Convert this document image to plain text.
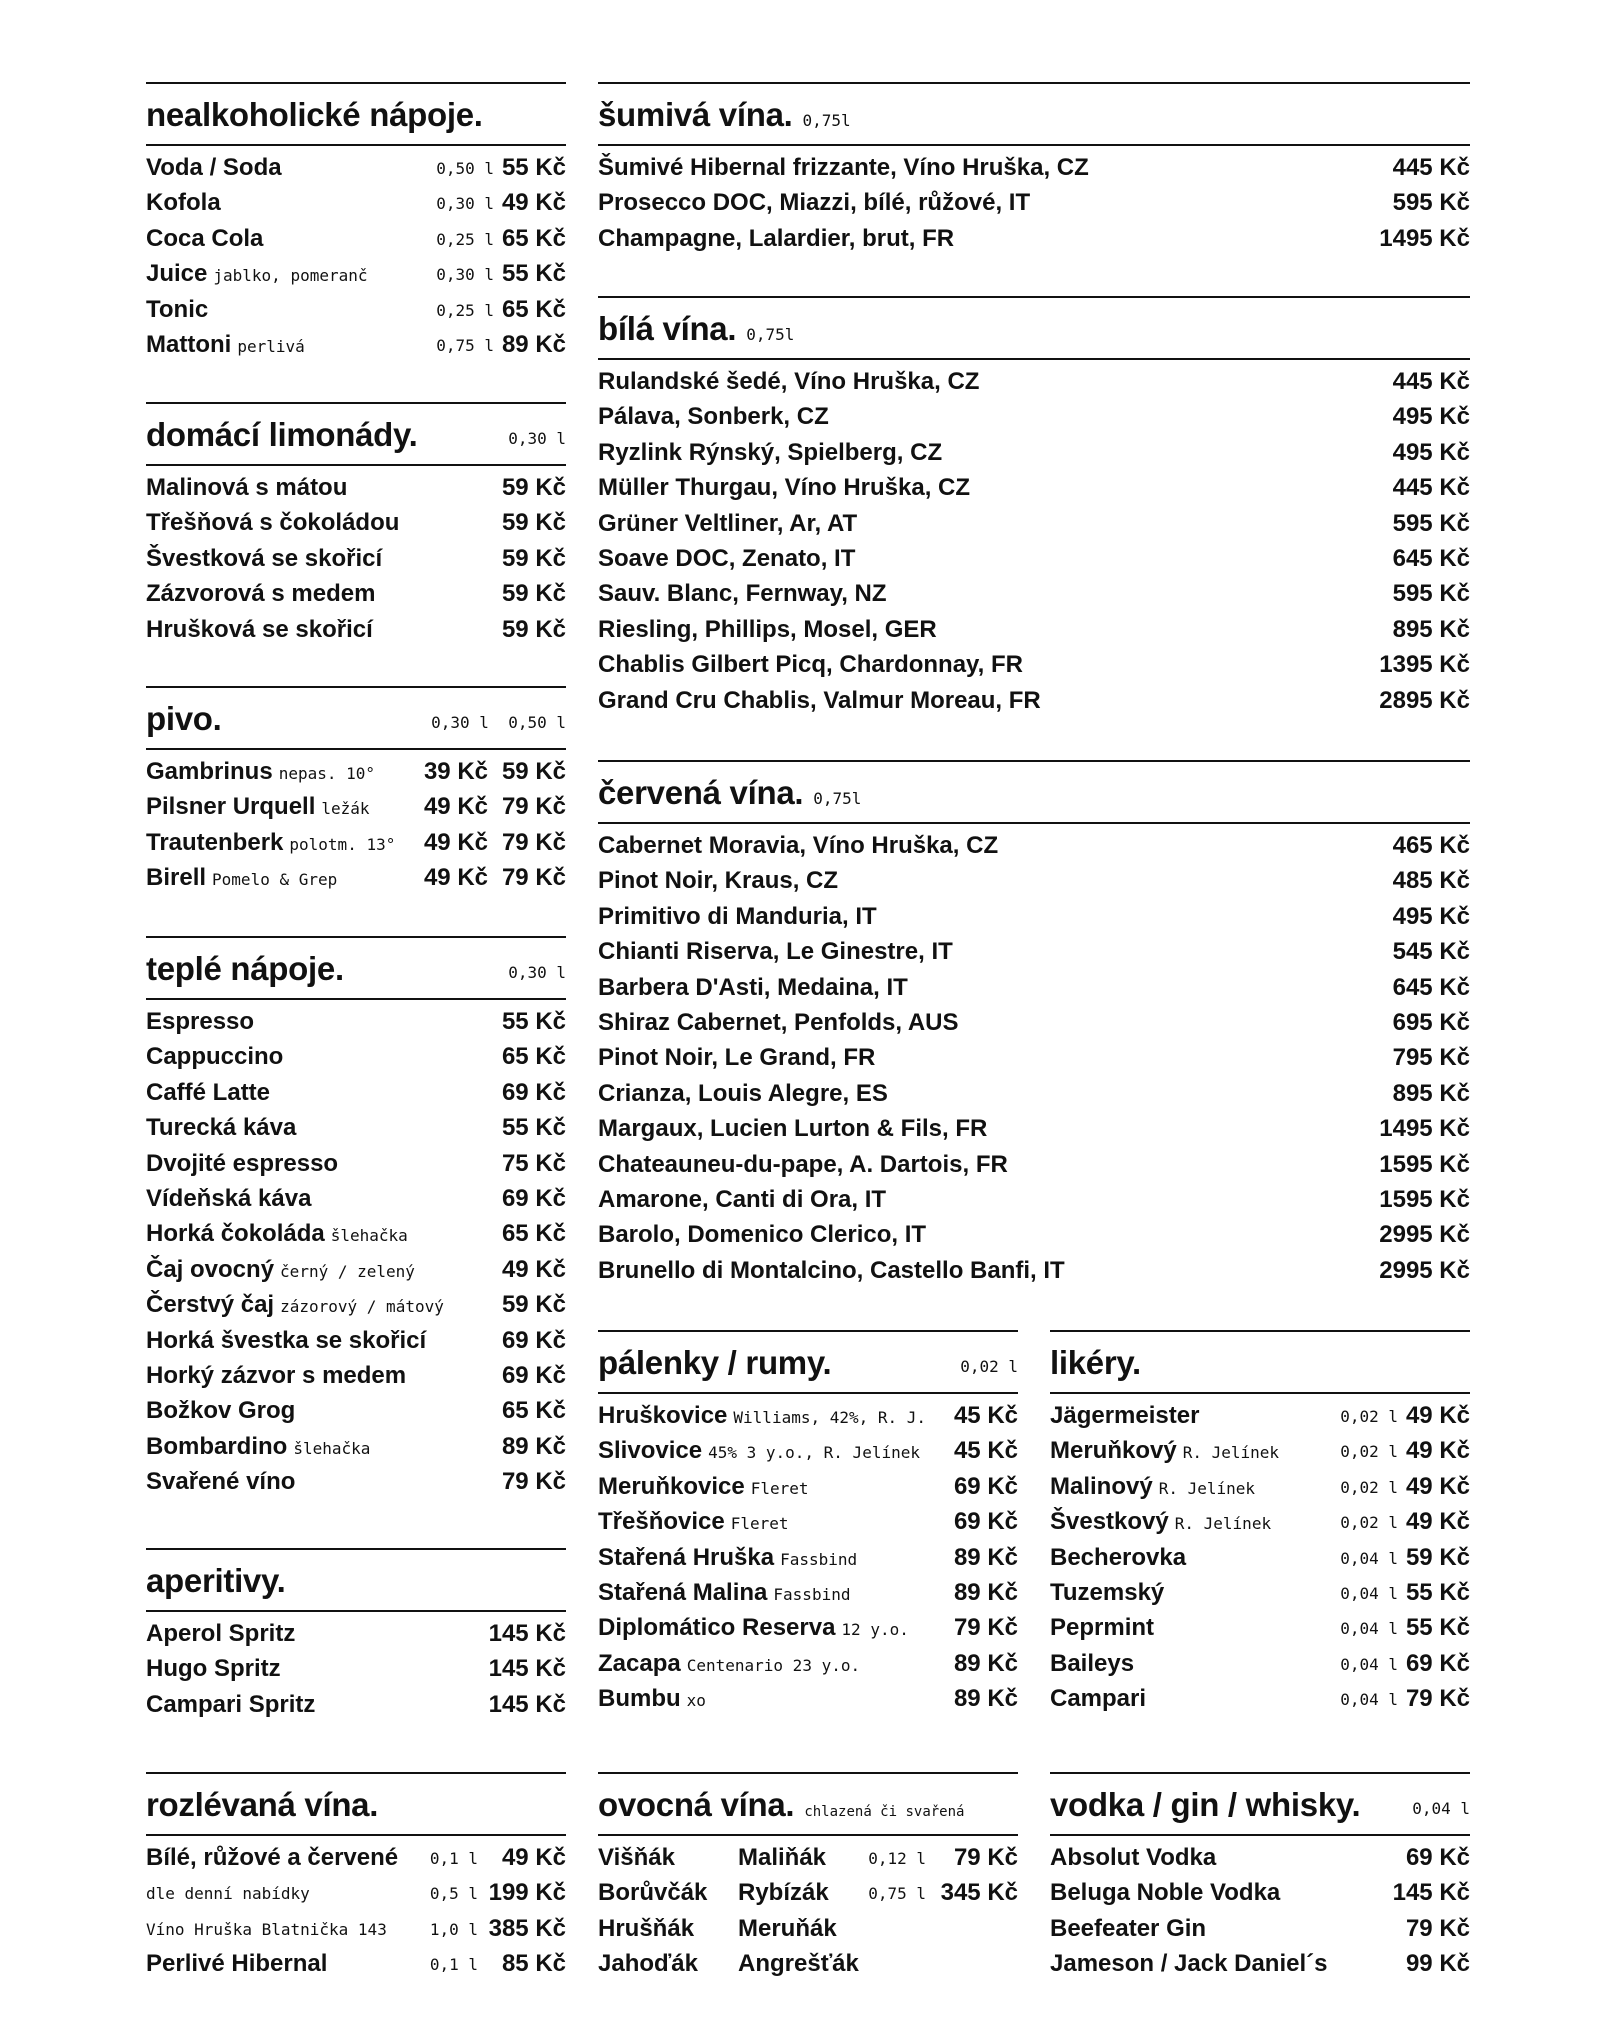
nealkoholické nápoje.
Voda / Soda	0,50 l 55 Kč
Kofola	0,30 l 49 Kč
Coca Cola	0,25 l 65 Kč
Juice jablko, pomeranč	0,30 l 55 Kč
Tonic	0,25 l 65 Kč
Mattoni perlivá	0,75 l 89 Kč
domácí limonády.	0,30 l
Malinová s mátou	59 Kč
Třešňová s čokoládou	59 Kč
Švestková se skořicí	59 Kč
Zázvorová s medem	59 Kč
Hrušková se skořicí	59 Kč
pivo.	0,30 l  0,50 l
Gambrinus nepas. 10° 39 Kč 59 Kč
Pilsner Urquell ležák 49 Kč 79 Kč
Trautenberk polotm. 13° 49 Kč 79 Kč
Birell Pomelo & Grep	49 Kč 79 Kč
teplé nápoje.	0,30 l
Espresso	55 Kč
Cappuccino	65 Kč
Caffé Latte	69 Kč
Turecká káva	55 Kč
Dvojité espresso	75 Kč
Vídeňská káva	69 Kč
Horká čokoláda šlehačka	65 Kč
Čaj ovocný černý / zelený	49 Kč
Čerstvý čaj zázorový / mátový 59 Kč
Horká švestka se skořicí	69 Kč
Horký zázvor s medem	69 Kč
Božkov Grog	65 Kč
Bombardino šlehačka	89 Kč
Svařené víno	79 Kč
aperitivy.
Aperol Spritz	145 Kč
Hugo Spritz	145 Kč
Campari Spritz	145 Kč
rozlévaná vína.
Bílé, růžové a červené 0,1 l 49 Kč
dle denní nabídky	0,5 l 199 Kč
Víno Hruška Blatnička 143	1,0 l 385 Kč
Perlivé Hibernal	0,1 l 85 Kč
šumivá vína. 0,75l
Šumivé Hibernal frizzante, Víno Hruška, CZ	445 Kč
Prosecco DOC, Miazzi, bílé, růžové, IT	595 Kč
Champagne, Lalardier, brut, FR	1495 Kč
bílá vína. 0,75l
Rulandské šedé, Víno Hruška, CZ	445 Kč
Pálava, Sonberk, CZ	495 Kč
Ryzlink Rýnský, Spielberg, CZ	495 Kč
Müller Thurgau, Víno Hruška, CZ	445 Kč
Grüner Veltliner, Ar, AT	595 Kč
Soave DOC, Zenato, IT	645 Kč
Sauv. Blanc, Fernway, NZ	595 Kč
Riesling, Phillips, Mosel, GER	895 Kč
Chablis Gilbert Picq, Chardonnay, FR	1395 Kč
Grand Cru Chablis, Valmur Moreau, FR	2895 Kč
červená vína. 0,75l
Cabernet Moravia, Víno Hruška, CZ	465 Kč
Pinot Noir, Kraus, CZ	485 Kč
Primitivo di Manduria, IT	495 Kč
Chianti Riserva, Le Ginestre, IT	545 Kč
Barbera D'Asti, Medaina, IT	645 Kč
Shiraz Cabernet, Penfolds, AUS	695 Kč
Pinot Noir, Le Grand, FR	795 Kč
Crianza, Louis Alegre, ES	895 Kč
Margaux, Lucien Lurton & Fils, FR	1495 Kč
Chateauneu-du-pape, A. Dartois, FR	1595 Kč
Amarone, Canti di Ora, IT	1595 Kč
Barolo, Domenico Clerico, IT	2995 Kč
Brunello di Montalcino, Castello Banfi, IT	2995 Kč
pálenky / rumy.	0,02 l
Hruškovice Williams, 42%, R. J. 45 Kč
Slivovice 45% 3 y.o., R. Jelínek 45 Kč
Meruňkovice Fleret	69 Kč
Třešňovice Fleret	69 Kč
Stařená Hruška Fassbind	89 Kč
Stařená Malina Fassbind	89 Kč
Diplomático Reserva 12 y.o. 79 Kč
Zacapa Centenario 23 y.o.	89 Kč
Bumbu xo	89 Kč
likéry.
Jägermeister	0,02 l 49 Kč
Meruňkový R. Jelínek	0,02 l 49 Kč
Malinový R. Jelínek	0,02 l 49 Kč
Švestkový R. Jelínek	0,02 l 49 Kč
Becherovka	0,04 l 59 Kč
Tuzemský	0,04 l 55 Kč
Peprmint	0,04 l 55 Kč
Baileys	0,04 l 69 Kč
Campari	0,04 l 79 Kč
ovocná vína. chlazená či svařená
Višňák	Maliňák	0,12 l 79 Kč
Borůvčák Rybízák 0,75 l 345 Kč
Hrušňák Meruňák
Jahoďák Angrešťák
vodka / gin / whisky.	0,04 l
Absolut Vodka	69 Kč
Beluga Noble Vodka	145 Kč
Beefeater Gin	79 Kč
Jameson / Jack Daniel´s	99 Kč
